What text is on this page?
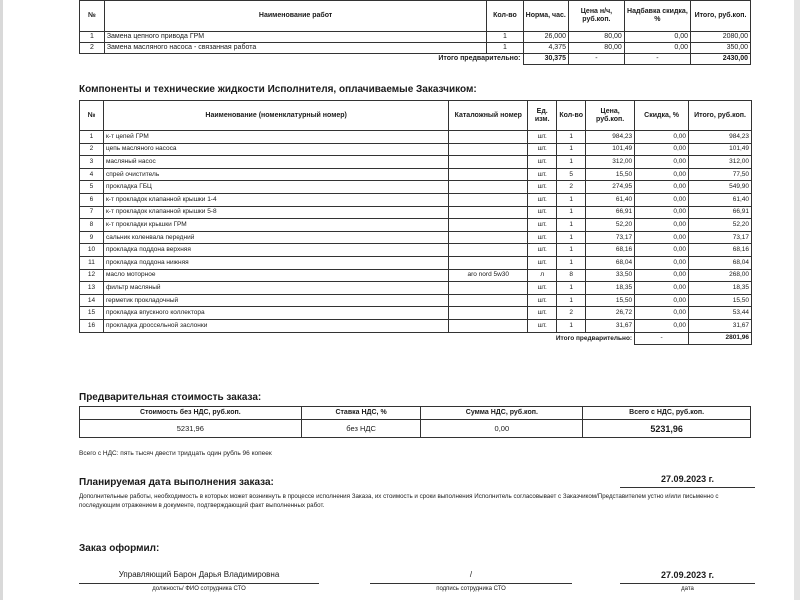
№	Наименование работ	Кол-во	Норма, час.	Цена н/ч, руб.коп.	Надбавка скидка, %	Итого, руб.коп.
1	Замена цепного привода ГРМ	1	26,000	80,00	0,00	2080,00
2	Замена масляного насоса - связанная работа	1	4,375	80,00	0,00	350,00
	Итого предварительно:		30,375	-	-	2430,00
Компоненты и технические жидкости Исполнителя, оплачиваемые Заказчиком:
№	Наименование (номенклатурный номер)	Каталожный номер	Ед. изм.	Кол-во	Цена, руб.коп.	Скидка, %	Итого, руб.коп.
1	к-т цепей ГРМ		шт.	1	984,23	0,00	984,23
2	цепь масляного насоса		шт.	1	101,49	0,00	101,49
3	масляный насос		шт.	1	312,00	0,00	312,00
4	спрей очиститель		шт.	5	15,50	0,00	77,50
5	прокладка ГБЦ		шт.	2	274,95	0,00	549,90
6	к-т прокладок клапанной крышки 1-4		шт.	1	61,40	0,00	61,40
7	к-т прокладок клапанной крышки 5-8		шт.	1	66,91	0,00	66,91
8	к-т прокладки крышки ГРМ		шт.	1	52,20	0,00	52,20
9	сальник коленвала передний		шт.	1	73,17	0,00	73,17
10	прокладка поддона верхняя		шт.	1	68,16	0,00	68,16
11	прокладка поддона нижняя		шт.	1	68,04	0,00	68,04
12	масло моторное	aro nord 5w30	л	8	33,50	0,00	268,00
13	фильтр масляный		шт.	1	18,35	0,00	18,35
14	герметик прокладочный		шт.	1	15,50	0,00	15,50
15	прокладка впускного коллектора		шт.	2	26,72	0,00	53,44
16	прокладка дроссельной заслонки		шт.	1	31,67	0,00	31,67
			Итого предварительно:			-	2801,96
Предварительная стоимость заказа:
Стоимость без НДС, руб.коп.	Ставка НДС, %	Сумма НДС, руб.коп.	Всего с НДС, руб.коп.
5231,96	без НДС	0,00	5231,96
Всего с НДС: пять тысяч двести тридцать один рубль 96 копеек
Планируемая дата выполнения заказа:	27.09.2023 г.
Дополнительные работы, необходимость в которых может возникнуть в процессе исполнения Заказа, их стоимость и сроки выполнения Исполнитель согласовывает с Заказчиком/Представителем устно и/или письменно с последующим отражением в документе, подтверждающий факт выполненных работ.
Заказ оформил:
Управляющий Барон Дарья Владимировна	/	27.09.2023 г.
должность/ ФИО сотрудника СТО	подпись сотрудника СТО	дата
